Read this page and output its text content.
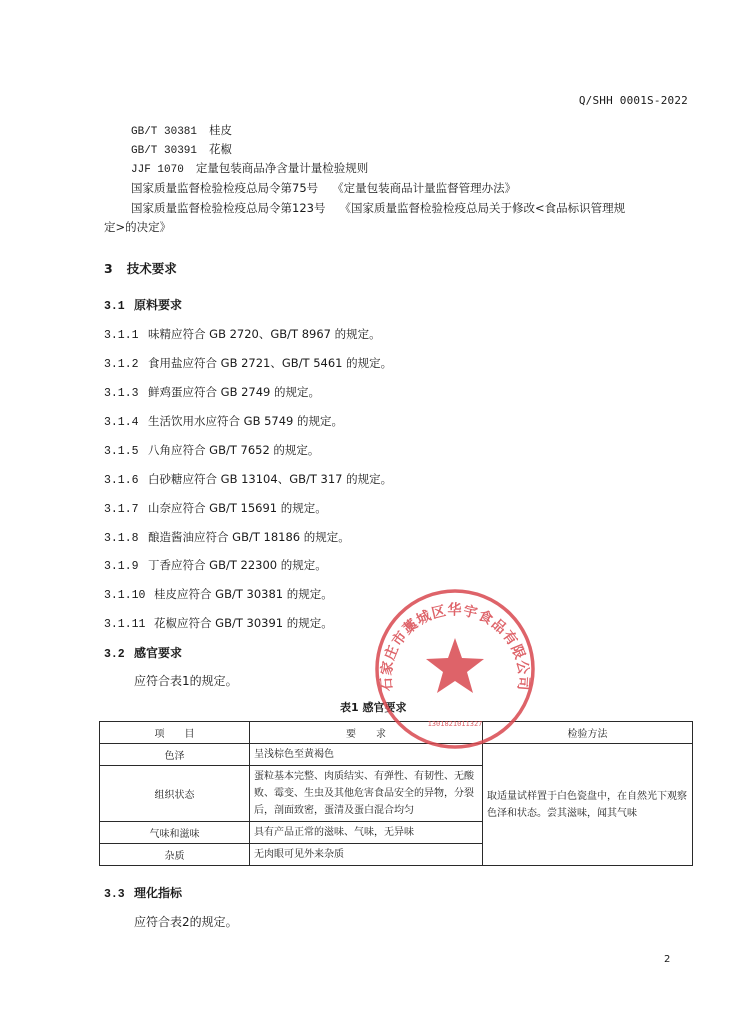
Q/SHH 0001S-2022
GB/T 30381 桂皮
GB/T 30391 花椒
JJF 1070 定量包装商品净含量计量检验规则
国家质量监督检验检疫总局令第75号 《定量包装商品计量监督管理办法》
国家质量监督检验检疫总局令第123号 《国家质量监督检验检疫总局关于修改<食品标识管理规
定>的决定》
3 技术要求
3.1 原料要求
3.1.1 味精应符合 GB 2720、GB/T 8967 的规定。
3.1.2 食用盐应符合 GB 2721、GB/T 5461 的规定。
3.1.3 鲜鸡蛋应符合 GB 2749 的规定。
3.1.4 生活饮用水应符合 GB 5749 的规定。
3.1.5 八角应符合 GB/T 7652 的规定。
3.1.6 白砂糖应符合 GB 13104、GB/T 317 的规定。
3.1.7 山奈应符合 GB/T 15691 的规定。
3.1.8 酿造酱油应符合 GB/T 18186 的规定。
3.1.9 丁香应符合 GB/T 22300 的规定。
3.1.10 桂皮应符合 GB/T 30381 的规定。
3.1.11 花椒应符合 GB/T 30391 的规定。
3.2 感官要求
应符合表1的规定。
表1 感官要求
项　　目	要　　求	检验方法
色泽	呈浅棕色至黄褐色	取适量试样置于白色瓷盘中，在自然光下观察色泽和状态。尝其滋味，闻其气味
组织状态	蛋粒基本完整、肉质结实、有弹性、有韧性、无酸败、霉变、生虫及其他危害食品安全的异物，分裂后，剖面致密，蛋清及蛋白混合均匀	
气味和滋味	具有产品正常的滋味、气味，无异味	
杂质	无肉眼可见外来杂质	
3.3 理化指标
应符合表2的规定。
2
石家庄市藁城区华宇食品有限公司
1301821011327
